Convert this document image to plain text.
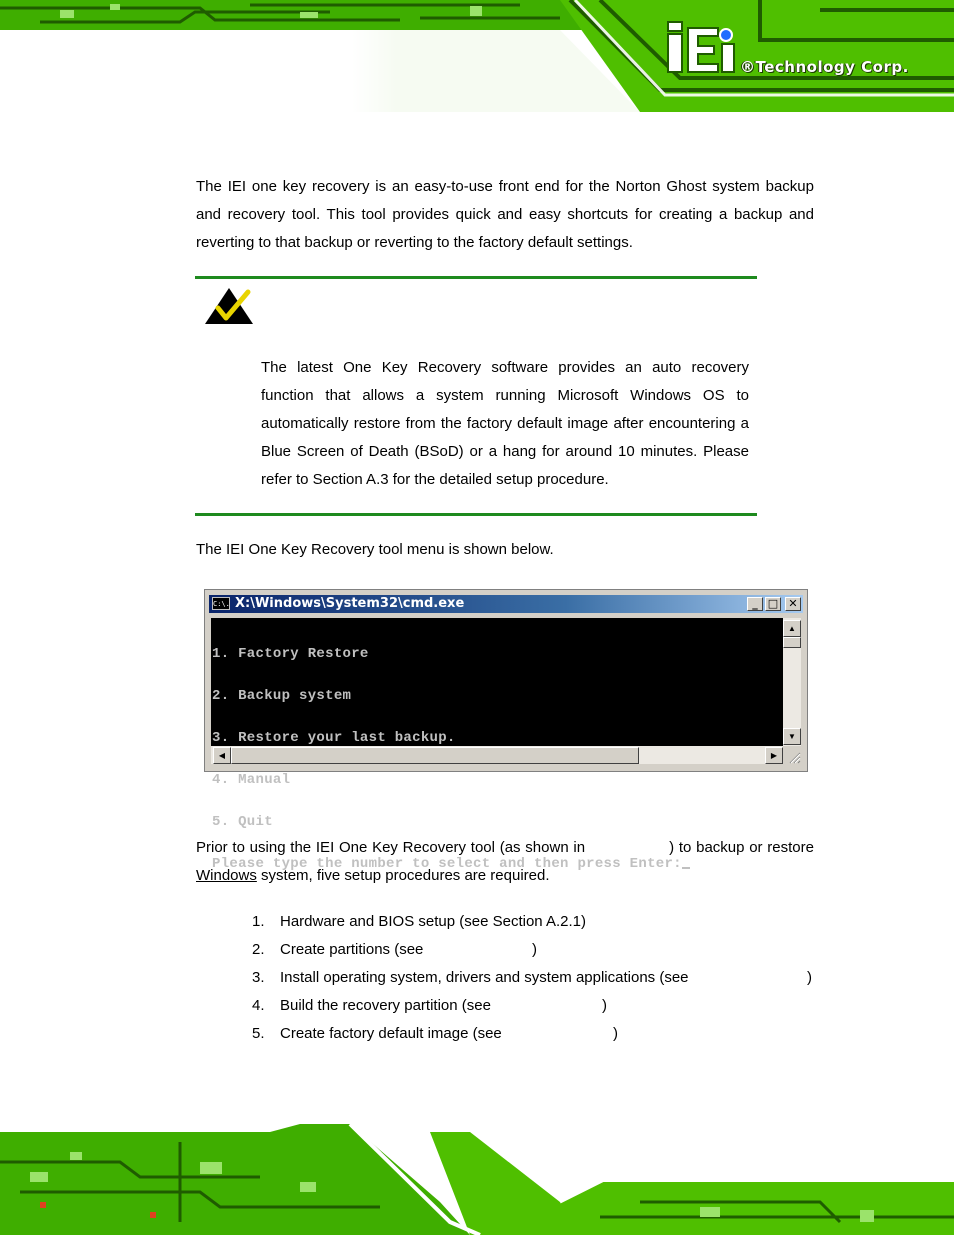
®Technology Corp.
The IEI one key recovery is an easy-to-use front end for the Norton Ghost system backup and recovery tool. This tool provides quick and easy shortcuts for creating a backup and reverting to that backup or reverting to the factory default settings.
The latest One Key Recovery software provides an auto recovery function that allows a system running Microsoft Windows OS to automatically restore from the factory default image after encountering a Blue Screen of Death (BSoD) or a hang for around 10 minutes. Please refer to Section A.3 for the detailed setup procedure.
The IEI One Key Recovery tool menu is shown below.
C:\. X:\Windows\System32\cmd.exe	_ □ ✕

1. Factory Restore

2. Backup system

3. Restore your last backup.

4. Manual

5. Quit

Please type the number to select and then press Enter:

▲
▼
◀	▶
Prior to using the IEI One Key Recovery tool (as shown in	) to backup or restore Windows system, five setup procedures are required.
1. Hardware and BIOS setup (see Section A.2.1)
2. Create partitions (see	)
3. Install operating system, drivers and system applications (see	)
4. Build the recovery partition (see	)
5. Create factory default image (see	)
